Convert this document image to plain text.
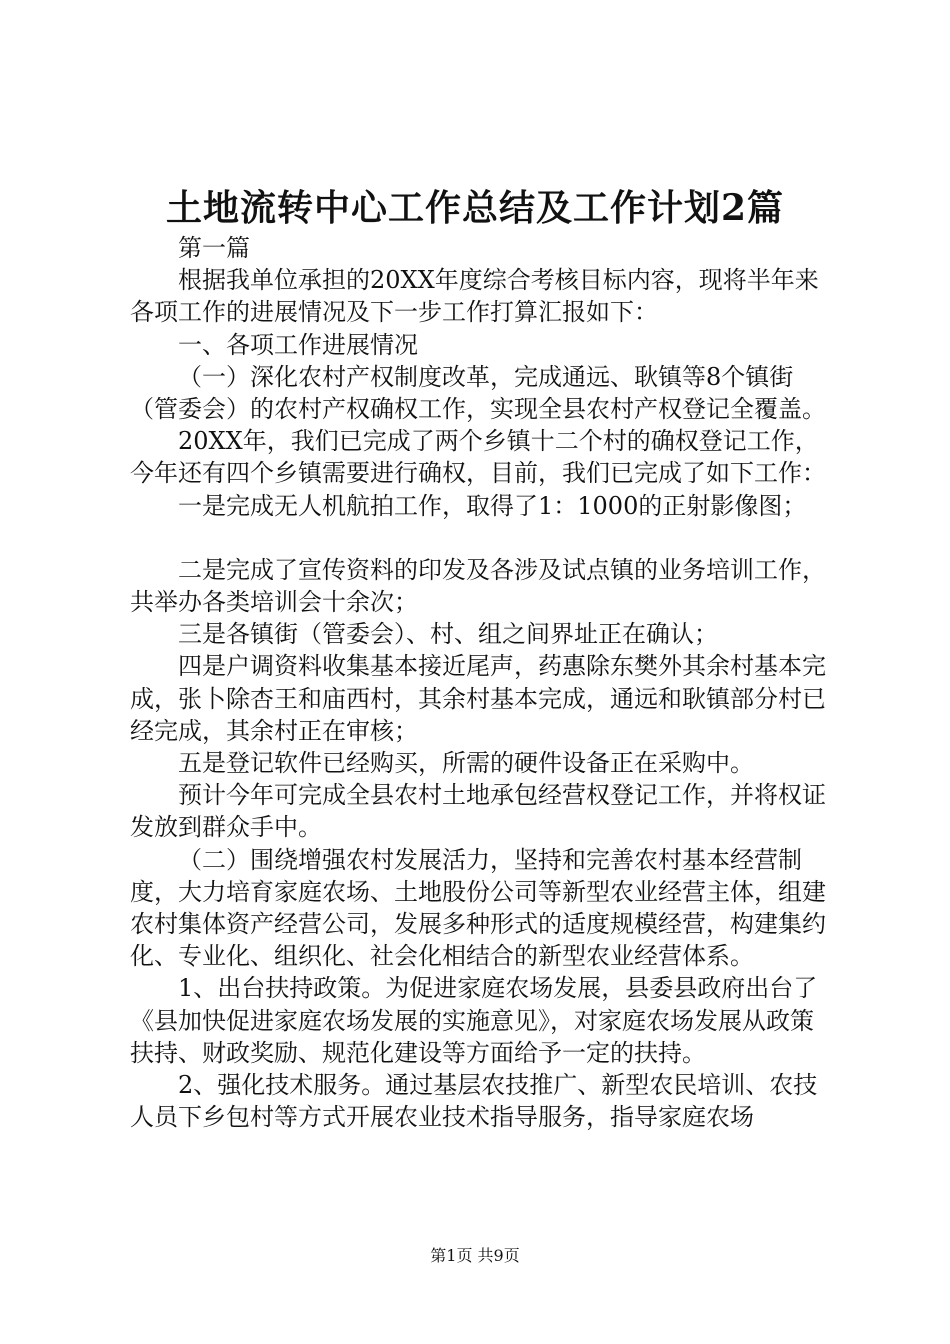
土地流转中心工作总结及工作计划2篇

第一篇

根据我单位承担的20XX年度综合考核目标内容，现将半年来各项工作的进展情况及下一步工作打算汇报如下：

一、各项工作进展情况

（一）深化农村产权制度改革，完成通远、耿镇等8个镇街（管委会）的农村产权确权工作，实现全县农村产权登记全覆盖。

20XX年，我们已完成了两个乡镇十二个村的确权登记工作，今年还有四个乡镇需要进行确权，目前，我们已完成了如下工作：

一是完成无人机航拍工作，取得了1：1000的正射影像图；

二是完成了宣传资料的印发及各涉及试点镇的业务培训工作，共举办各类培训会十余次；

三是各镇街（管委会）、村、组之间界址正在确认；

四是户调资料收集基本接近尾声，药惠除东樊外其余村基本完成，张卜除杏王和庙西村，其余村基本完成，通远和耿镇部分村已经完成，其余村正在审核；

五是登记软件已经购买，所需的硬件设备正在采购中。

预计今年可完成全县农村土地承包经营权登记工作，并将权证发放到群众手中。

（二）围绕增强农村发展活力，坚持和完善农村基本经营制度，大力培育家庭农场、土地股份公司等新型农业经营主体，组建农村集体资产经营公司，发展多种形式的适度规模经营，构建集约化、专业化、组织化、社会化相结合的新型农业经营体系。

1、出台扶持政策。为促进家庭农场发展，县委县政府出台了《县加快促进家庭农场发展的实施意见》，对家庭农场发展从政策扶持、财政奖励、规范化建设等方面给予一定的扶持。

2、强化技术服务。通过基层农技推广、新型农民培训、农技人员下乡包村等方式开展农业技术指导服务，指导家庭农场

第1页 共9页
